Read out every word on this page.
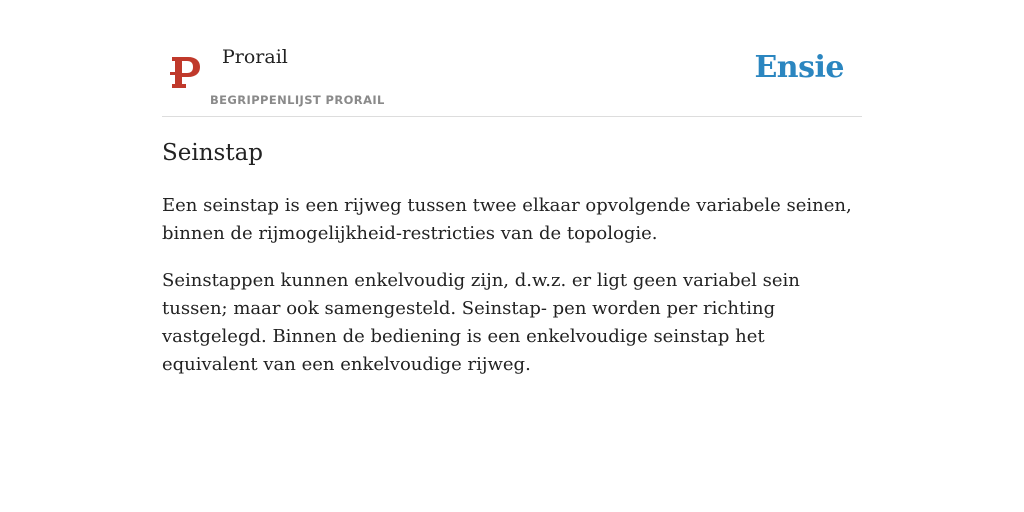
Prorail
BEGRIPPENLIJST PRORAIL
Ensie
Seinstap

Een seinstap is een rijweg tussen twee elkaar opvolgende variabele seinen, binnen de rijmogelijkheid-restricties van de topologie.

Seinstappen kunnen enkelvoudig zijn, d.w.z. er ligt geen variabel sein tussen; maar ook samengesteld. Seinstap- pen worden per richting vastgelegd. Binnen de bediening is een enkelvoudige seinstap het equivalent van een enkelvoudige rijweg.
